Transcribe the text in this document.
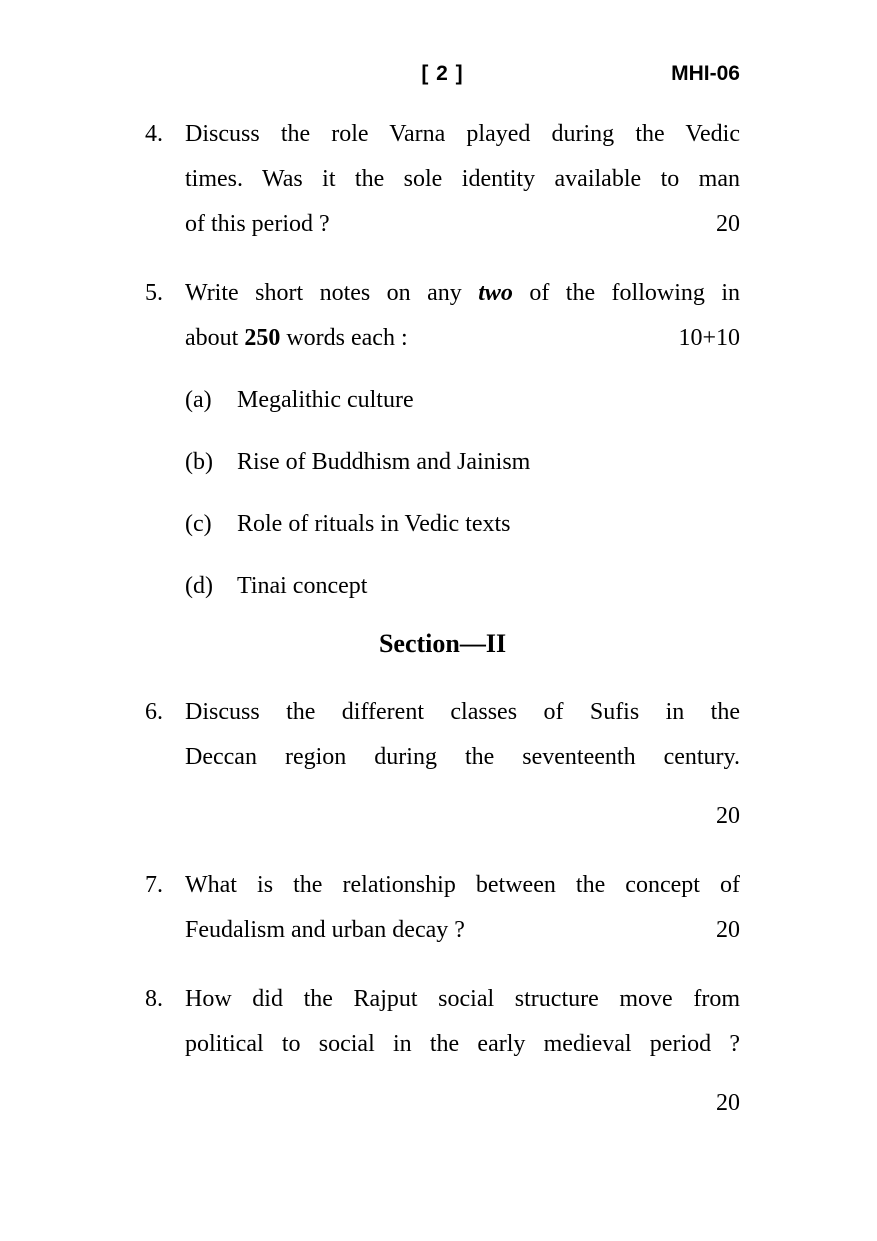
[ 2 ]	MHI-06
4. Discuss the role Varna played during the Vedic
times. Was it the sole identity available to man
of this period ?	20
5. Write short notes on any two of the following in
about 250 words each :	10+10
(a)	Megalithic culture
(b)	Rise of Buddhism and Jainism
(c)	Role of rituals in Vedic texts
(d)	Tinai concept
Section—II
6. Discuss the different classes of Sufis in the
Deccan region during the seventeenth century.
20
7. What is the relationship between the concept of
Feudalism and urban decay ?	20
8. How did the Rajput social structure move from
political to social in the early medieval period ?
20
